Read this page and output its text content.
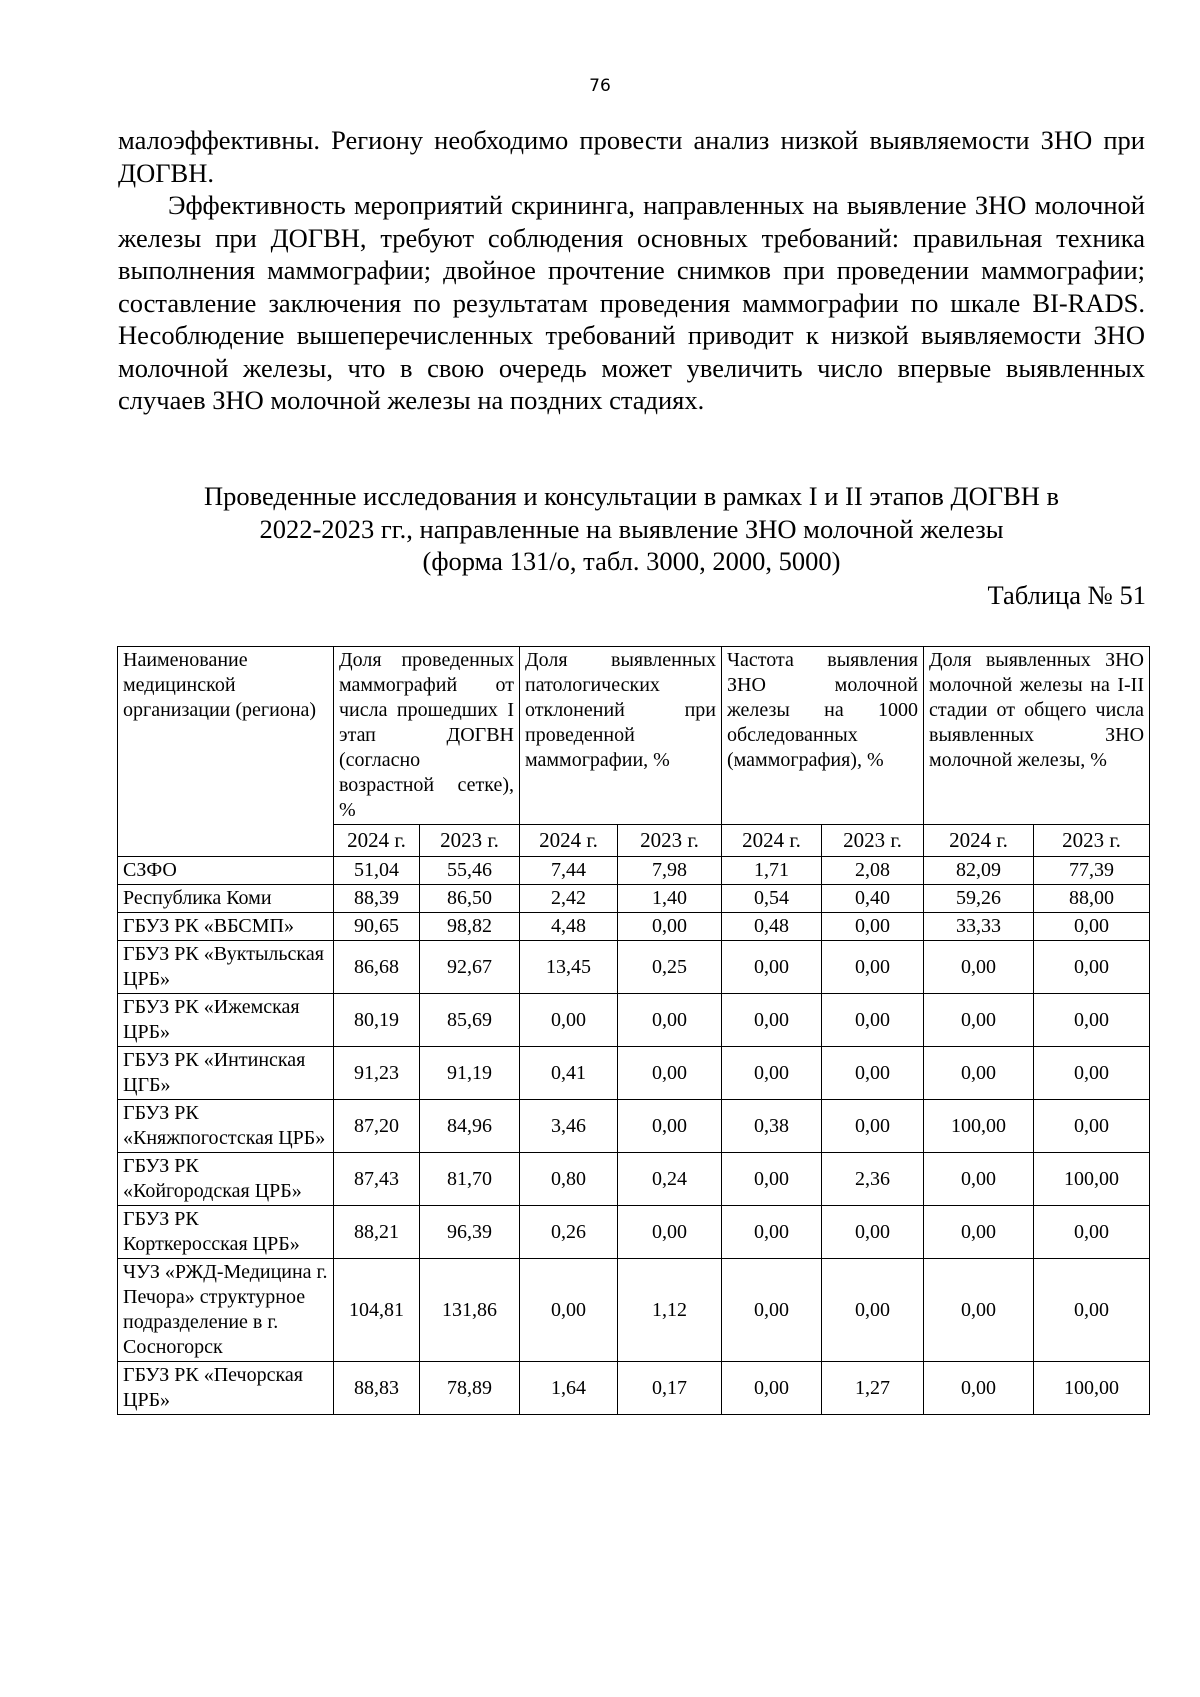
76

малоэффективны. Региону необходимо провести анализ низкой выявляемости ЗНО при ДОГВН.

Эффективность мероприятий скрининга, направленных на выявление ЗНО молочной железы при ДОГВН, требуют соблюдения основных требований: правильная техника выполнения маммографии; двойное прочтение снимков при проведении маммографии; составление заключения по результатам проведения маммографии по шкале BI-RADS. Несоблюдение вышеперечисленных требований приводит к низкой выявляемости ЗНО молочной железы, что в свою очередь может увеличить число впервые выявленных случаев ЗНО молочной железы на поздних стадиях.

Проведенные исследования и консультации в рамках I и II этапов ДОГВН в
2022-2023 гг., направленные на выявление ЗНО молочной железы
(форма 131/о, табл. 3000, 2000, 5000)
Таблица № 51
Наименование медицинской организации (региона)	Доля проведенных маммографий от числа прошедших I этап ДОГВН (согласно возрастной сетке), %		Доля выявленных патологических отклонений при проведенной маммографии, %		Частота выявления ЗНО молочной железы на 1000 обследованных (маммография), %		Доля выявленных ЗНО молочной железы на I-II стадии от общего числа выявленных ЗНО молочной железы, %	
	2024 г.	2023 г.	2024 г.	2023 г.	2024 г.	2023 г.	2024 г.	2023 г.
СЗФО	51,04	55,46	7,44	7,98	1,71	2,08	82,09	77,39
Республика Коми	88,39	86,50	2,42	1,40	0,54	0,40	59,26	88,00
ГБУЗ РК «ВБСМП»	90,65	98,82	4,48	0,00	0,48	0,00	33,33	0,00
ГБУЗ РК «Вуктыльская ЦРБ»	86,68	92,67	13,45	0,25	0,00	0,00	0,00	0,00
ГБУЗ РК «Ижемская ЦРБ»	80,19	85,69	0,00	0,00	0,00	0,00	0,00	0,00
ГБУЗ РК «Интинская ЦГБ»	91,23	91,19	0,41	0,00	0,00	0,00	0,00	0,00
ГБУЗ РК «Княжпогостская ЦРБ»	87,20	84,96	3,46	0,00	0,38	0,00	100,00	0,00
ГБУЗ РК «Койгородская ЦРБ»	87,43	81,70	0,80	0,24	0,00	2,36	0,00	100,00
ГБУЗ РК Корткеросская ЦРБ»	88,21	96,39	0,26	0,00	0,00	0,00	0,00	0,00
ЧУЗ «РЖД-Медицина г. Печора» структурное подразделение в г. Сосногорск	104,81	131,86	0,00	1,12	0,00	0,00	0,00	0,00
ГБУЗ РК «Печорская ЦРБ»	88,83	78,89	1,64	0,17	0,00	1,27	0,00	100,00
